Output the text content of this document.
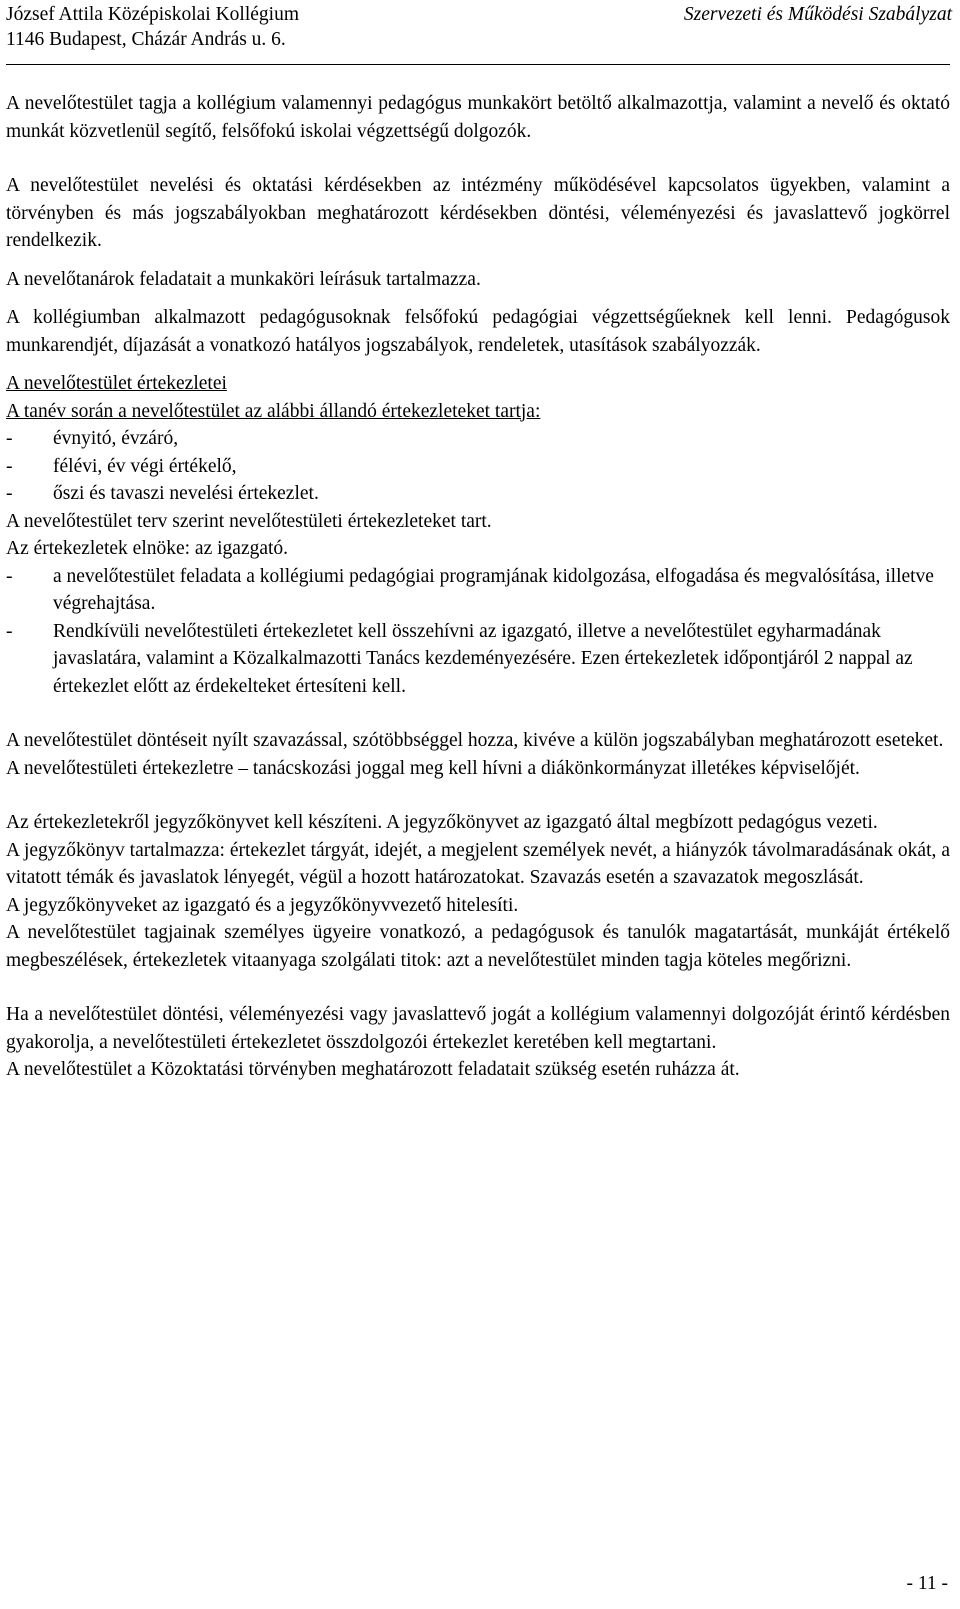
József Attila Középiskolai Kollégium	Szervezeti és Működési Szabályzat
1146 Budapest, Cházár András u. 6.

A nevelőtestület tagja a kollégium valamennyi pedagógus munkakört betöltő alkalmazottja, valamint a nevelő és oktató munkát közvetlenül segítő, felsőfokú iskolai végzettségű dolgozók.

A nevelőtestület nevelési és oktatási kérdésekben az intézmény működésével kapcsolatos ügyekben, valamint a törvényben és más jogszabályokban meghatározott kérdésekben döntési, véleményezési és javaslattevő jogkörrel rendelkezik.

A nevelőtanárok feladatait a munkaköri leírásuk tartalmazza.

A kollégiumban alkalmazott pedagógusoknak felsőfokú pedagógiai végzettségűeknek kell lenni. Pedagógusok munkarendjét, díjazását a vonatkozó hatályos jogszabályok, rendeletek, utasítások szabályozzák.

A nevelőtestület értekezletei

A tanév során a nevelőtestület az alábbi állandó értekezleteket tartja:

-	évnyitó, évzáró,
-	félévi, év végi értékelő,
-	őszi és tavaszi nevelési értekezlet.

A nevelőtestület terv szerint nevelőtestületi értekezleteket tart.

Az értekezletek elnöke: az igazgató.

-	a nevelőtestület feladata a kollégiumi pedagógiai programjának kidolgozása, elfogadása és megvalósítása, illetve végrehajtása.
-	Rendkívüli nevelőtestületi értekezletet kell összehívni az igazgató, illetve a nevelőtestület egyharmadának javaslatára, valamint a Közalkalmazotti Tanács kezdeményezésére. Ezen értekezletek időpontjáról 2 nappal az értekezlet előtt az érdekelteket értesíteni kell.

A nevelőtestület döntéseit nyílt szavazással, szótöbbséggel hozza, kivéve a külön jogszabályban meghatározott eseteket.

A nevelőtestületi értekezletre – tanácskozási joggal meg kell hívni a diákönkormányzat illetékes képviselőjét.

Az értekezletekről jegyzőkönyvet kell készíteni. A jegyzőkönyvet az igazgató által megbízott pedagógus vezeti.

A jegyzőkönyv tartalmazza: értekezlet tárgyát, idejét, a megjelent személyek nevét, a hiányzók távolmaradásának okát, a vitatott témák és javaslatok lényegét, végül a hozott határozatokat. Szavazás esetén a szavazatok megoszlását.

A jegyzőkönyveket az igazgató és a jegyzőkönyvvezető hitelesíti.

A nevelőtestület tagjainak személyes ügyeire vonatkozó, a pedagógusok és tanulók magatartását, munkáját értékelő megbeszélések, értekezletek vitaanyaga szolgálati titok: azt a nevelőtestület minden tagja köteles megőrizni.

Ha a nevelőtestület döntési, véleményezési vagy javaslattevő jogát a kollégium valamennyi dolgozóját érintő kérdésben gyakorolja, a nevelőtestületi értekezletet összdolgozói értekezlet keretében kell megtartani.

A nevelőtestület a Közoktatási törvényben meghatározott feladatait szükség esetén ruházza át.

- 11 -
